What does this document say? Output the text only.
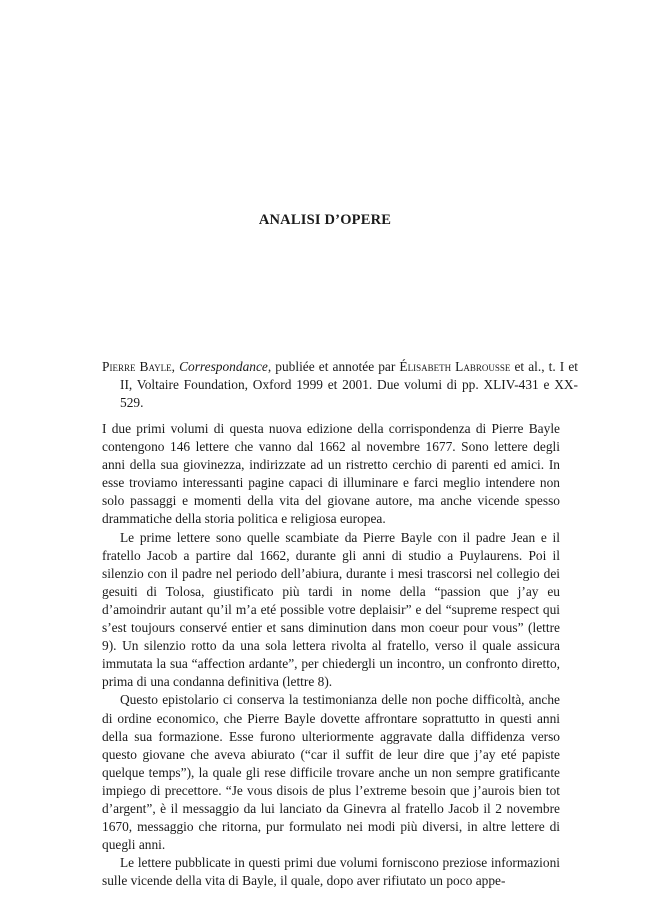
ANALISI D’OPERE
Pierre Bayle, Correspondance, publiée et annotée par Élisabeth Labrousse et al., t. I et II, Voltaire Foundation, Oxford 1999 et 2001. Due volumi di pp. XLIV-431 e XX-529.

I due primi volumi di questa nuova edizione della corrispondenza di Pierre Bayle contengono 146 lettere che vanno dal 1662 al novembre 1677. Sono lettere degli anni della sua giovinezza, indirizzate ad un ristretto cerchio di parenti ed amici. In esse troviamo interessanti pagine capaci di illuminare e farci meglio intendere non solo passaggi e momenti della vita del giovane autore, ma anche vicende spesso drammatiche della storia politica e religiosa europea.

Le prime lettere sono quelle scambiate da Pierre Bayle con il padre Jean e il fratello Jacob a partire dal 1662, durante gli anni di studio a Puylaurens. Poi il silenzio con il padre nel periodo dell’abiura, durante i mesi trascorsi nel collegio dei gesuiti di Tolosa, giustificato più tardi in nome della “passion que j’ay eu d’amoindrir autant qu’il m’a eté possible votre deplaisir” e del “supreme respect qui s’est toujours conservé entier et sans diminution dans mon coeur pour vous” (lettre 9). Un silenzio rotto da una sola lettera rivolta al fratello, verso il quale assicura immutata la sua “affection ardante”, per chiedergli un incontro, un confronto diretto, prima di una condanna definitiva (lettre 8).

Questo epistolario ci conserva la testimonianza delle non poche difficoltà, anche di ordine economico, che Pierre Bayle dovette affrontare soprattutto in questi anni della sua formazione. Esse furono ulteriormente aggravate dalla diffidenza verso questo giovane che aveva abiurato (“car il suffit de leur dire que j’ay eté papiste quelque temps”), la quale gli rese difficile trovare anche un non sempre gratificante impiego di precettore. “Je vous disois de plus l’extreme besoin que j’aurois bien tot d’argent”, è il messaggio da lui lanciato da Ginevra al fratello Jacob il 2 novembre 1670, messaggio che ritorna, pur formulato nei modi più diversi, in altre lettere di quegli anni.

Le lettere pubblicate in questi primi due volumi forniscono preziose informazioni sulle vicende della vita di Bayle, il quale, dopo aver rifiutato un poco appe-
